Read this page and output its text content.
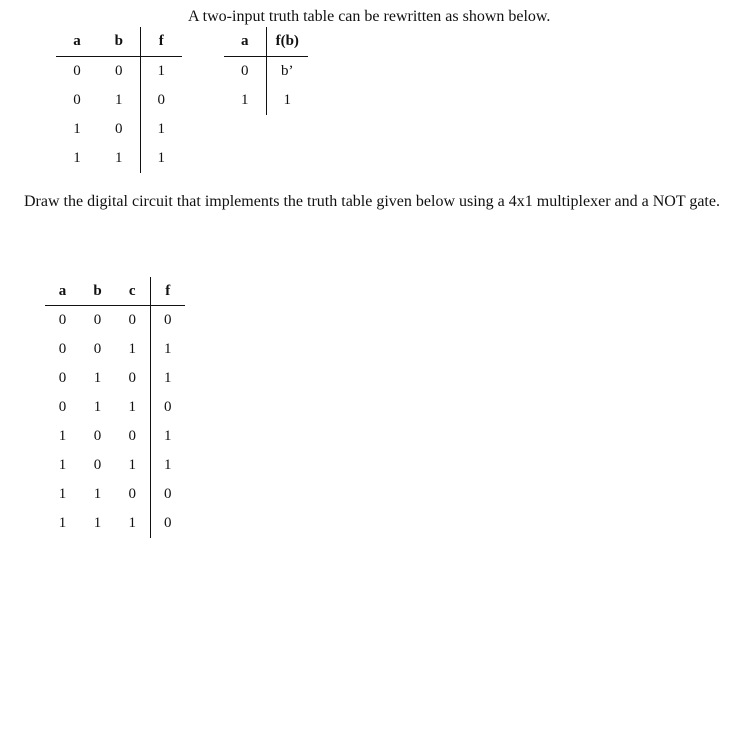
A two-input truth table can be rewritten as shown below.
a	b	f
0	0	1
0	1	0
1	0	1
1	1	1
a	f(b)
0	b’
1	1
Draw the digital circuit that implements the truth table given below using a 4x1 multiplexer and a NOT gate.
a	b	c	f
0	0	0	0
0	0	1	1
0	1	0	1
0	1	1	0
1	0	0	1
1	0	1	1
1	1	0	0
1	1	1	0
